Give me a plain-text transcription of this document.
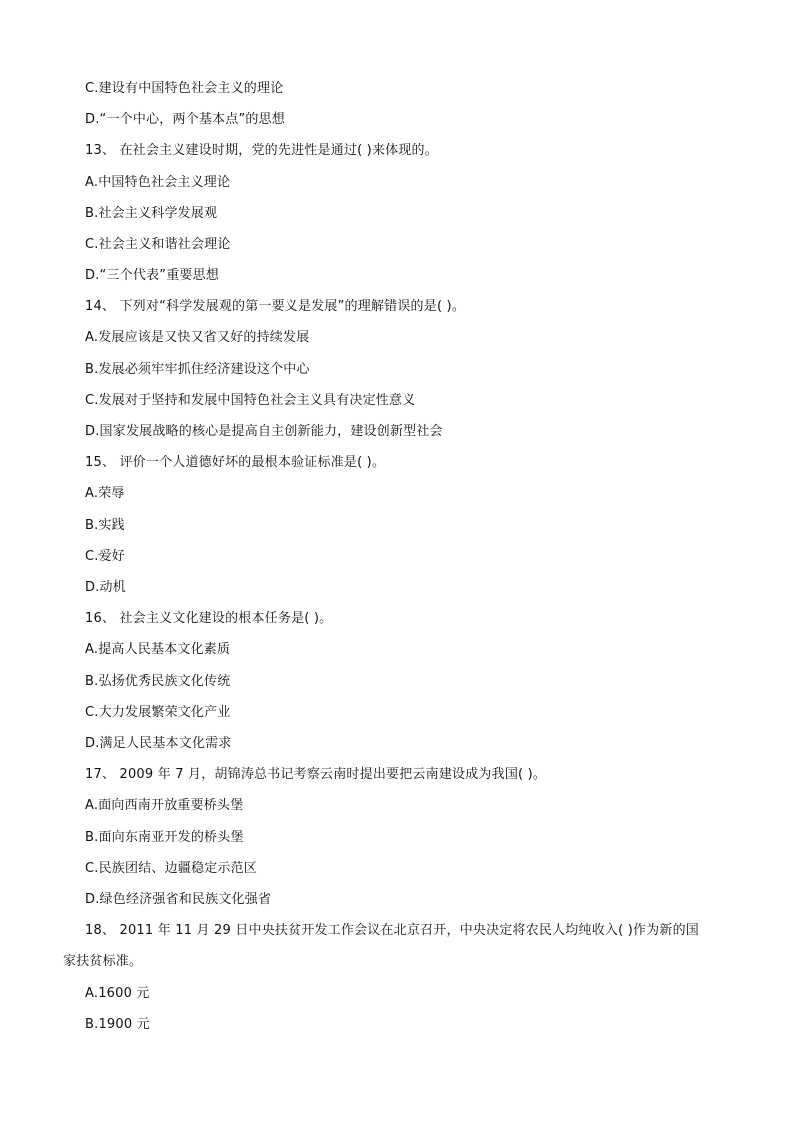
C.建设有中国特色社会主义的理论
D.“一个中心，两个基本点”的思想
13、 在社会主义建设时期，党的先进性是通过( )来体现的。
A.中国特色社会主义理论
B.社会主义科学发展观
C.社会主义和谐社会理论
D.“三个代表”重要思想
14、 下列对“科学发展观的第一要义是发展”的理解错误的是( )。
A.发展应该是又快又省又好的持续发展
B.发展必须牢牢抓住经济建设这个中心
C.发展对于坚持和发展中国特色社会主义具有决定性意义
D.国家发展战略的核心是提高自主创新能力，建设创新型社会
15、 评价一个人道德好坏的最根本验证标准是( )。
A.荣辱
B.实践
C.爱好
D.动机
16、 社会主义文化建设的根本任务是( )。
A.提高人民基本文化素质
B.弘扬优秀民族文化传统
C.大力发展繁荣文化产业
D.满足人民基本文化需求
17、 2009 年 7 月，胡锦涛总书记考察云南时提出要把云南建设成为我国( )。
A.面向西南开放重要桥头堡
B.面向东南亚开发的桥头堡
C.民族团结、边疆稳定示范区
D.绿色经济强省和民族文化强省
18、 2011 年 11 月 29 日中央扶贫开发工作会议在北京召开，中央决定将农民人均纯收入( )作为新的国
家扶贫标准。
A.1600 元
B.1900 元
